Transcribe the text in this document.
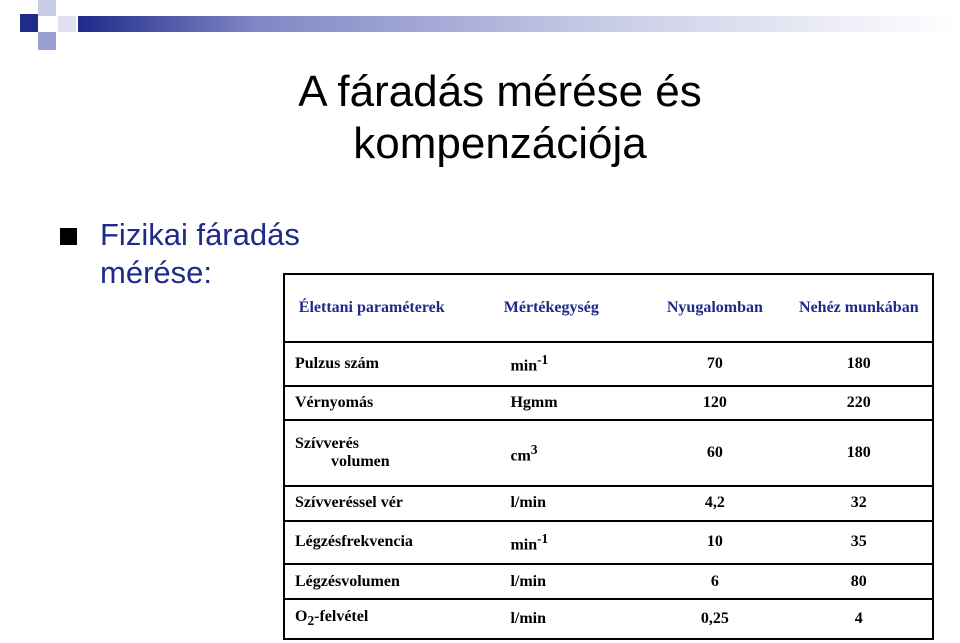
A fáradás mérése és kompenzációja
Fizikai fáradás
mérése:
Élettani paraméterek	Mértékegység	Nyugalomban	Nehéz munkában
Pulzus szám	$\min^{-1}$	70	180
Vérnyomás	Hgmm	120	220
Szívverés
volumen	$cm^3$	60	180
Szívveréssel vér	l/min	4,2	32
Légzésfrekvencia	$\min^{-1}$	10	35
Légzésvolumen	l/min	6	80
$O_2$-felvétel	l/min	0,25	4
